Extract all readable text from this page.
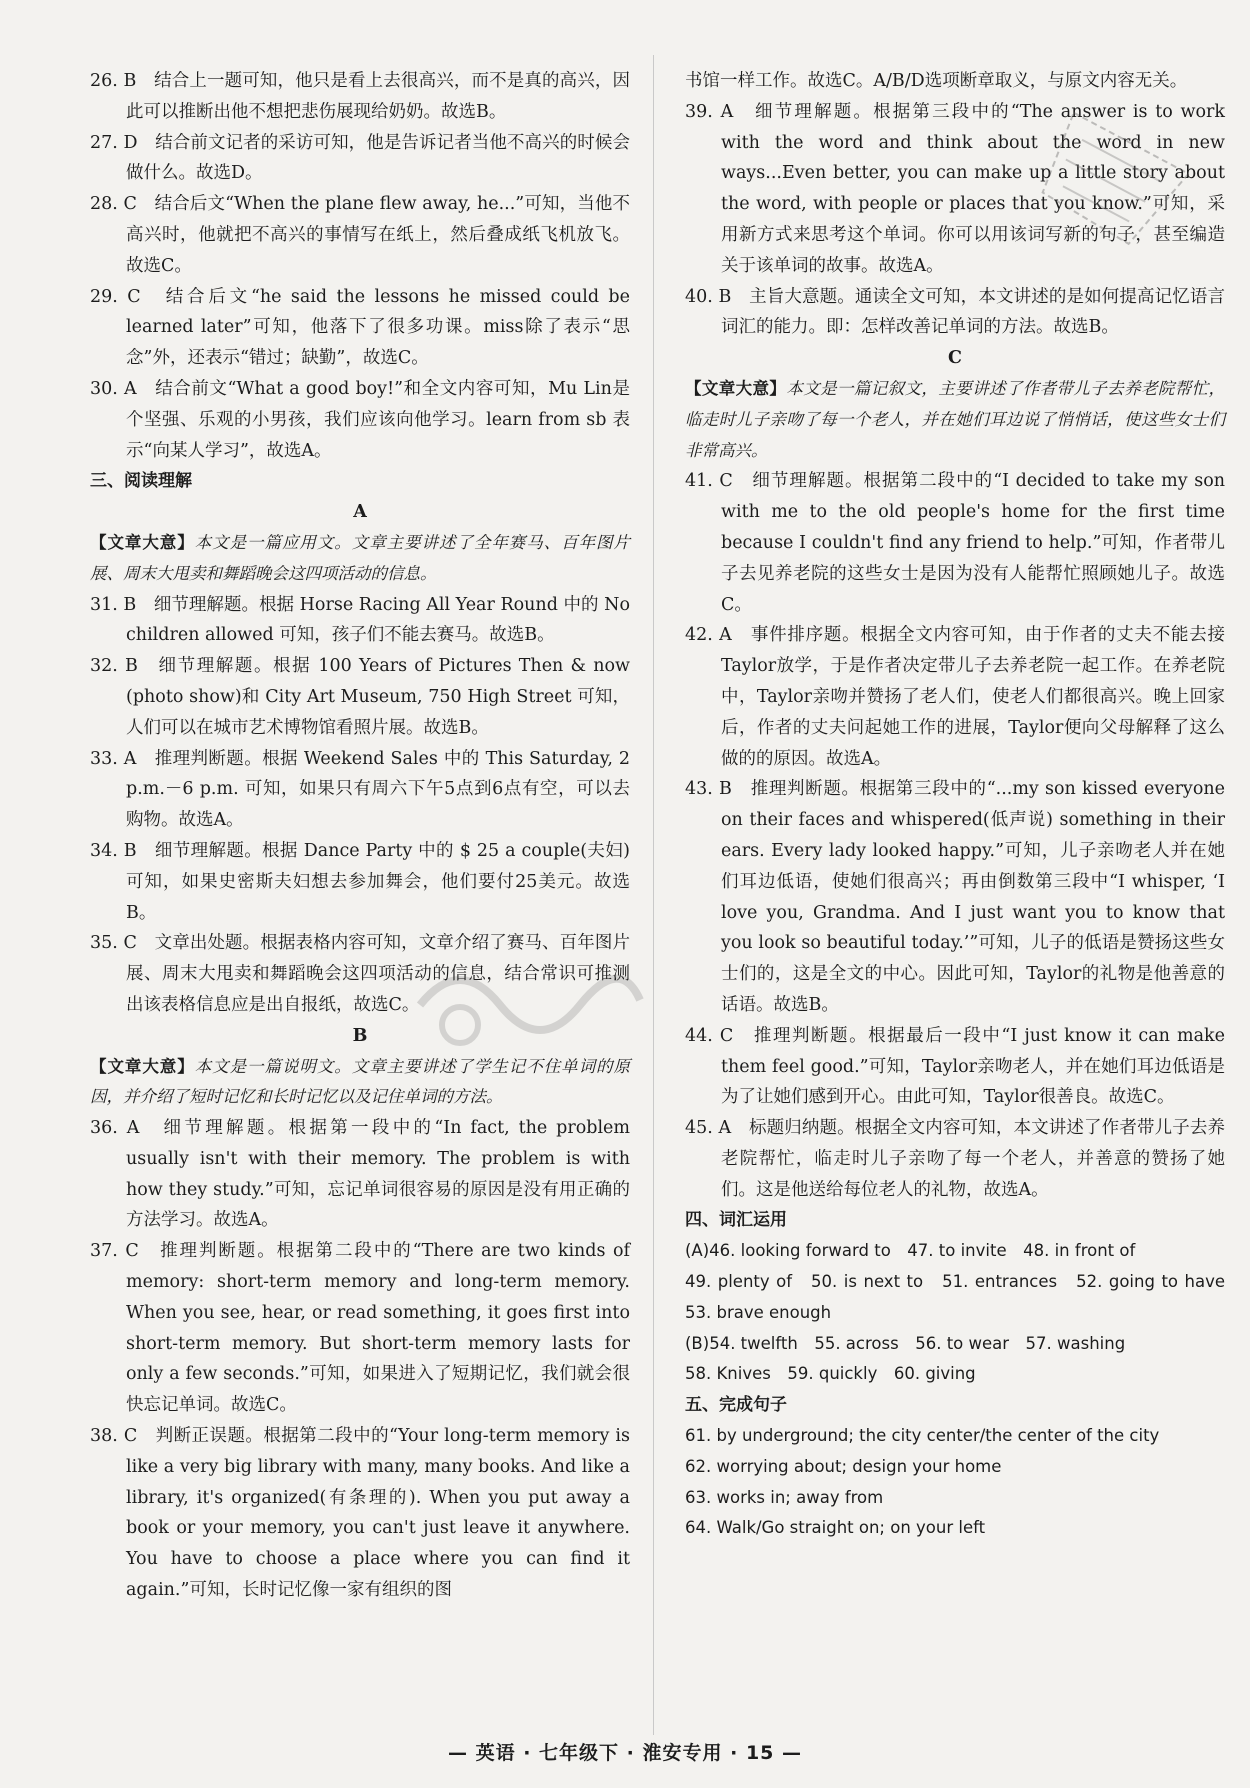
26. B　结合上一题可知，他只是看上去很高兴，而不是真的高兴，因此可以推断出他不想把悲伤展现给奶奶。故选B。

27. D　结合前文记者的采访可知，他是告诉记者当他不高兴的时候会做什么。故选D。

28. C　结合后文“When the plane flew away, he...”可知，当他不高兴时，他就把不高兴的事情写在纸上，然后叠成纸飞机放飞。故选C。

29. C　结合后文“he said the lessons he missed could be learned later”可知，他落下了很多功课。miss除了表示“思念”外，还表示“错过；缺勤”，故选C。

30. A　结合前文“What a good boy!”和全文内容可知，Mu Lin是个坚强、乐观的小男孩，我们应该向他学习。learn from sb 表示“向某人学习”，故选A。

三、阅读理解

A

【文章大意】本文是一篇应用文。文章主要讲述了全年赛马、百年图片展、周末大甩卖和舞蹈晚会这四项活动的信息。

31. B　细节理解题。根据 Horse Racing All Year Round 中的 No children allowed 可知，孩子们不能去赛马。故选B。

32. B　细节理解题。根据 100 Years of Pictures Then & now (photo show)和 City Art Museum, 750 High Street 可知，人们可以在城市艺术博物馆看照片展。故选B。

33. A　推理判断题。根据 Weekend Sales 中的 This Saturday, 2 p.m.－6 p.m. 可知，如果只有周六下午5点到6点有空，可以去购物。故选A。

34. B　细节理解题。根据 Dance Party 中的 $ 25 a couple(夫妇)可知，如果史密斯夫妇想去参加舞会，他们要付25美元。故选B。

35. C　文章出处题。根据表格内容可知，文章介绍了赛马、百年图片展、周末大甩卖和舞蹈晚会这四项活动的信息，结合常识可推测出该表格信息应是出自报纸，故选C。

B

【文章大意】本文是一篇说明文。文章主要讲述了学生记不住单词的原因，并介绍了短时记忆和长时记忆以及记住单词的方法。

36. A　细节理解题。根据第一段中的“In fact, the problem usually isn't with their memory. The problem is with how they study.”可知，忘记单词很容易的原因是没有用正确的方法学习。故选A。

37. C　推理判断题。根据第二段中的“There are two kinds of memory: short-term memory and long-term memory. When you see, hear, or read something, it goes first into short-term memory. But short-term memory lasts for only a few seconds.”可知，如果进入了短期记忆，我们就会很快忘记单词。故选C。

38. C　判断正误题。根据第二段中的“Your long-term memory is like a very big library with many, many books. And like a library, it's organized(有条理的). When you put away a book or your memory, you can't just leave it anywhere. You have to choose a place where you can find it again.”可知，长时记忆像一家有组织的图

书馆一样工作。故选C。A/B/D选项断章取义，与原文内容无关。

39. A　细节理解题。根据第三段中的“The answer is to work with the word and think about the word in new ways...Even better, you can make up a little story about the word, with people or places that you know.”可知，采用新方式来思考这个单词。你可以用该词写新的句子，甚至编造关于该单词的故事。故选A。

40. B　主旨大意题。通读全文可知，本文讲述的是如何提高记忆语言词汇的能力。即：怎样改善记单词的方法。故选B。

C

【文章大意】本文是一篇记叙文，主要讲述了作者带儿子去养老院帮忙，临走时儿子亲吻了每一个老人，并在她们耳边说了悄悄话，使这些女士们非常高兴。

41. C　细节理解题。根据第二段中的“I decided to take my son with me to the old people's home for the first time because I couldn't find any friend to help.”可知，作者带儿子去见养老院的这些女士是因为没有人能帮忙照顾她儿子。故选C。

42. A　事件排序题。根据全文内容可知，由于作者的丈夫不能去接Taylor放学，于是作者决定带儿子去养老院一起工作。在养老院中，Taylor亲吻并赞扬了老人们，使老人们都很高兴。晚上回家后，作者的丈夫问起她工作的进展，Taylor便向父母解释了这么做的的原因。故选A。

43. B　推理判断题。根据第三段中的“...my son kissed everyone on their faces and whispered(低声说) something in their ears. Every lady looked happy.”可知，儿子亲吻老人并在她们耳边低语，使她们很高兴；再由倒数第三段中“I whisper, ‘I love you, Grandma. And I just want you to know that you look so beautiful today.’”可知，儿子的低语是赞扬这些女士们的，这是全文的中心。因此可知，Taylor的礼物是他善意的话语。故选B。

44. C　推理判断题。根据最后一段中“I just know it can make them feel good.”可知，Taylor亲吻老人，并在她们耳边低语是为了让她们感到开心。由此可知，Taylor很善良。故选C。

45. A　标题归纳题。根据全文内容可知，本文讲述了作者带儿子去养老院帮忙，临走时儿子亲吻了每一个老人，并善意的赞扬了她们。这是他送给每位老人的礼物，故选A。

四、词汇运用

(A)46. looking forward to　47. to invite　48. in front of

49. plenty of　50. is next to　51. entrances　52. going to have　53. brave enough

(B)54. twelfth　55. across　56. to wear　57. washing

58. Knives　59. quickly　60. giving

五、完成句子

61. by underground; the city center/the center of the city

62. worrying about; design your home

63. works in; away from

64. Walk/Go straight on; on your left

— 英语 · 七年级下 · 淮安专用 · 15 —
